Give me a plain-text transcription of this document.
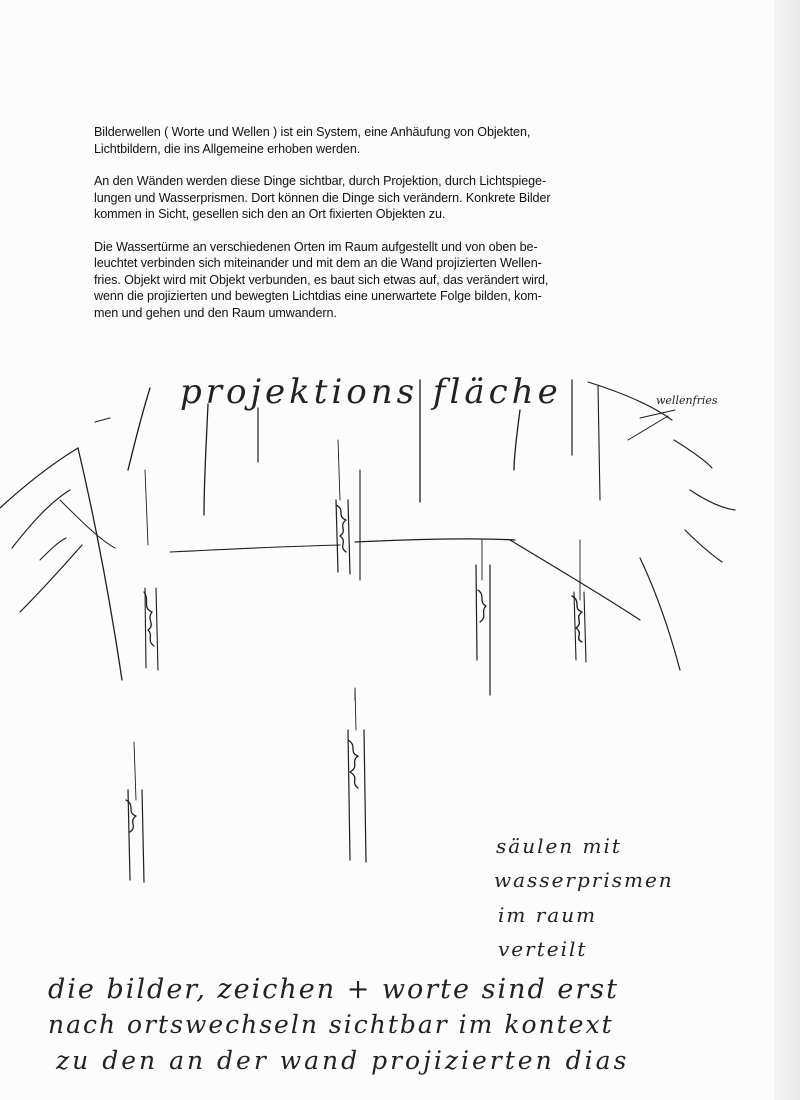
Bilderwellen ( Worte und Wellen ) ist ein System, eine Anhäufung von Objekten,
Lichtbildern, die ins Allgemeine erhoben werden.

An den Wänden werden diese Dinge sichtbar, durch Projektion, durch Lichtspiege-
lungen und Wasserprismen. Dort können die Dinge sich verändern. Konkrete Bilder
kommen in Sicht, gesellen sich den an Ort fixierten Objekten zu.

Die Wassertürme an verschiedenen Orten im Raum aufgestellt und von oben be-
leuchtet verbinden sich miteinander und mit dem an die Wand projizierten Wellen-
fries. Objekt wird mit Objekt verbunden, es baut sich etwas auf, das verändert wird,
wenn die projizierten und bewegten Lichtdias eine unerwartete Folge bilden, kom-
men und gehen und den Raum umwandern.

projektions fläche	wellenfries
säulen mit
wasserprismen
im raum
verteilt
die bilder, zeichen + worte sind erst
nach ortswechseln sichtbar im kontext
zu den an der wand projizierten dias
